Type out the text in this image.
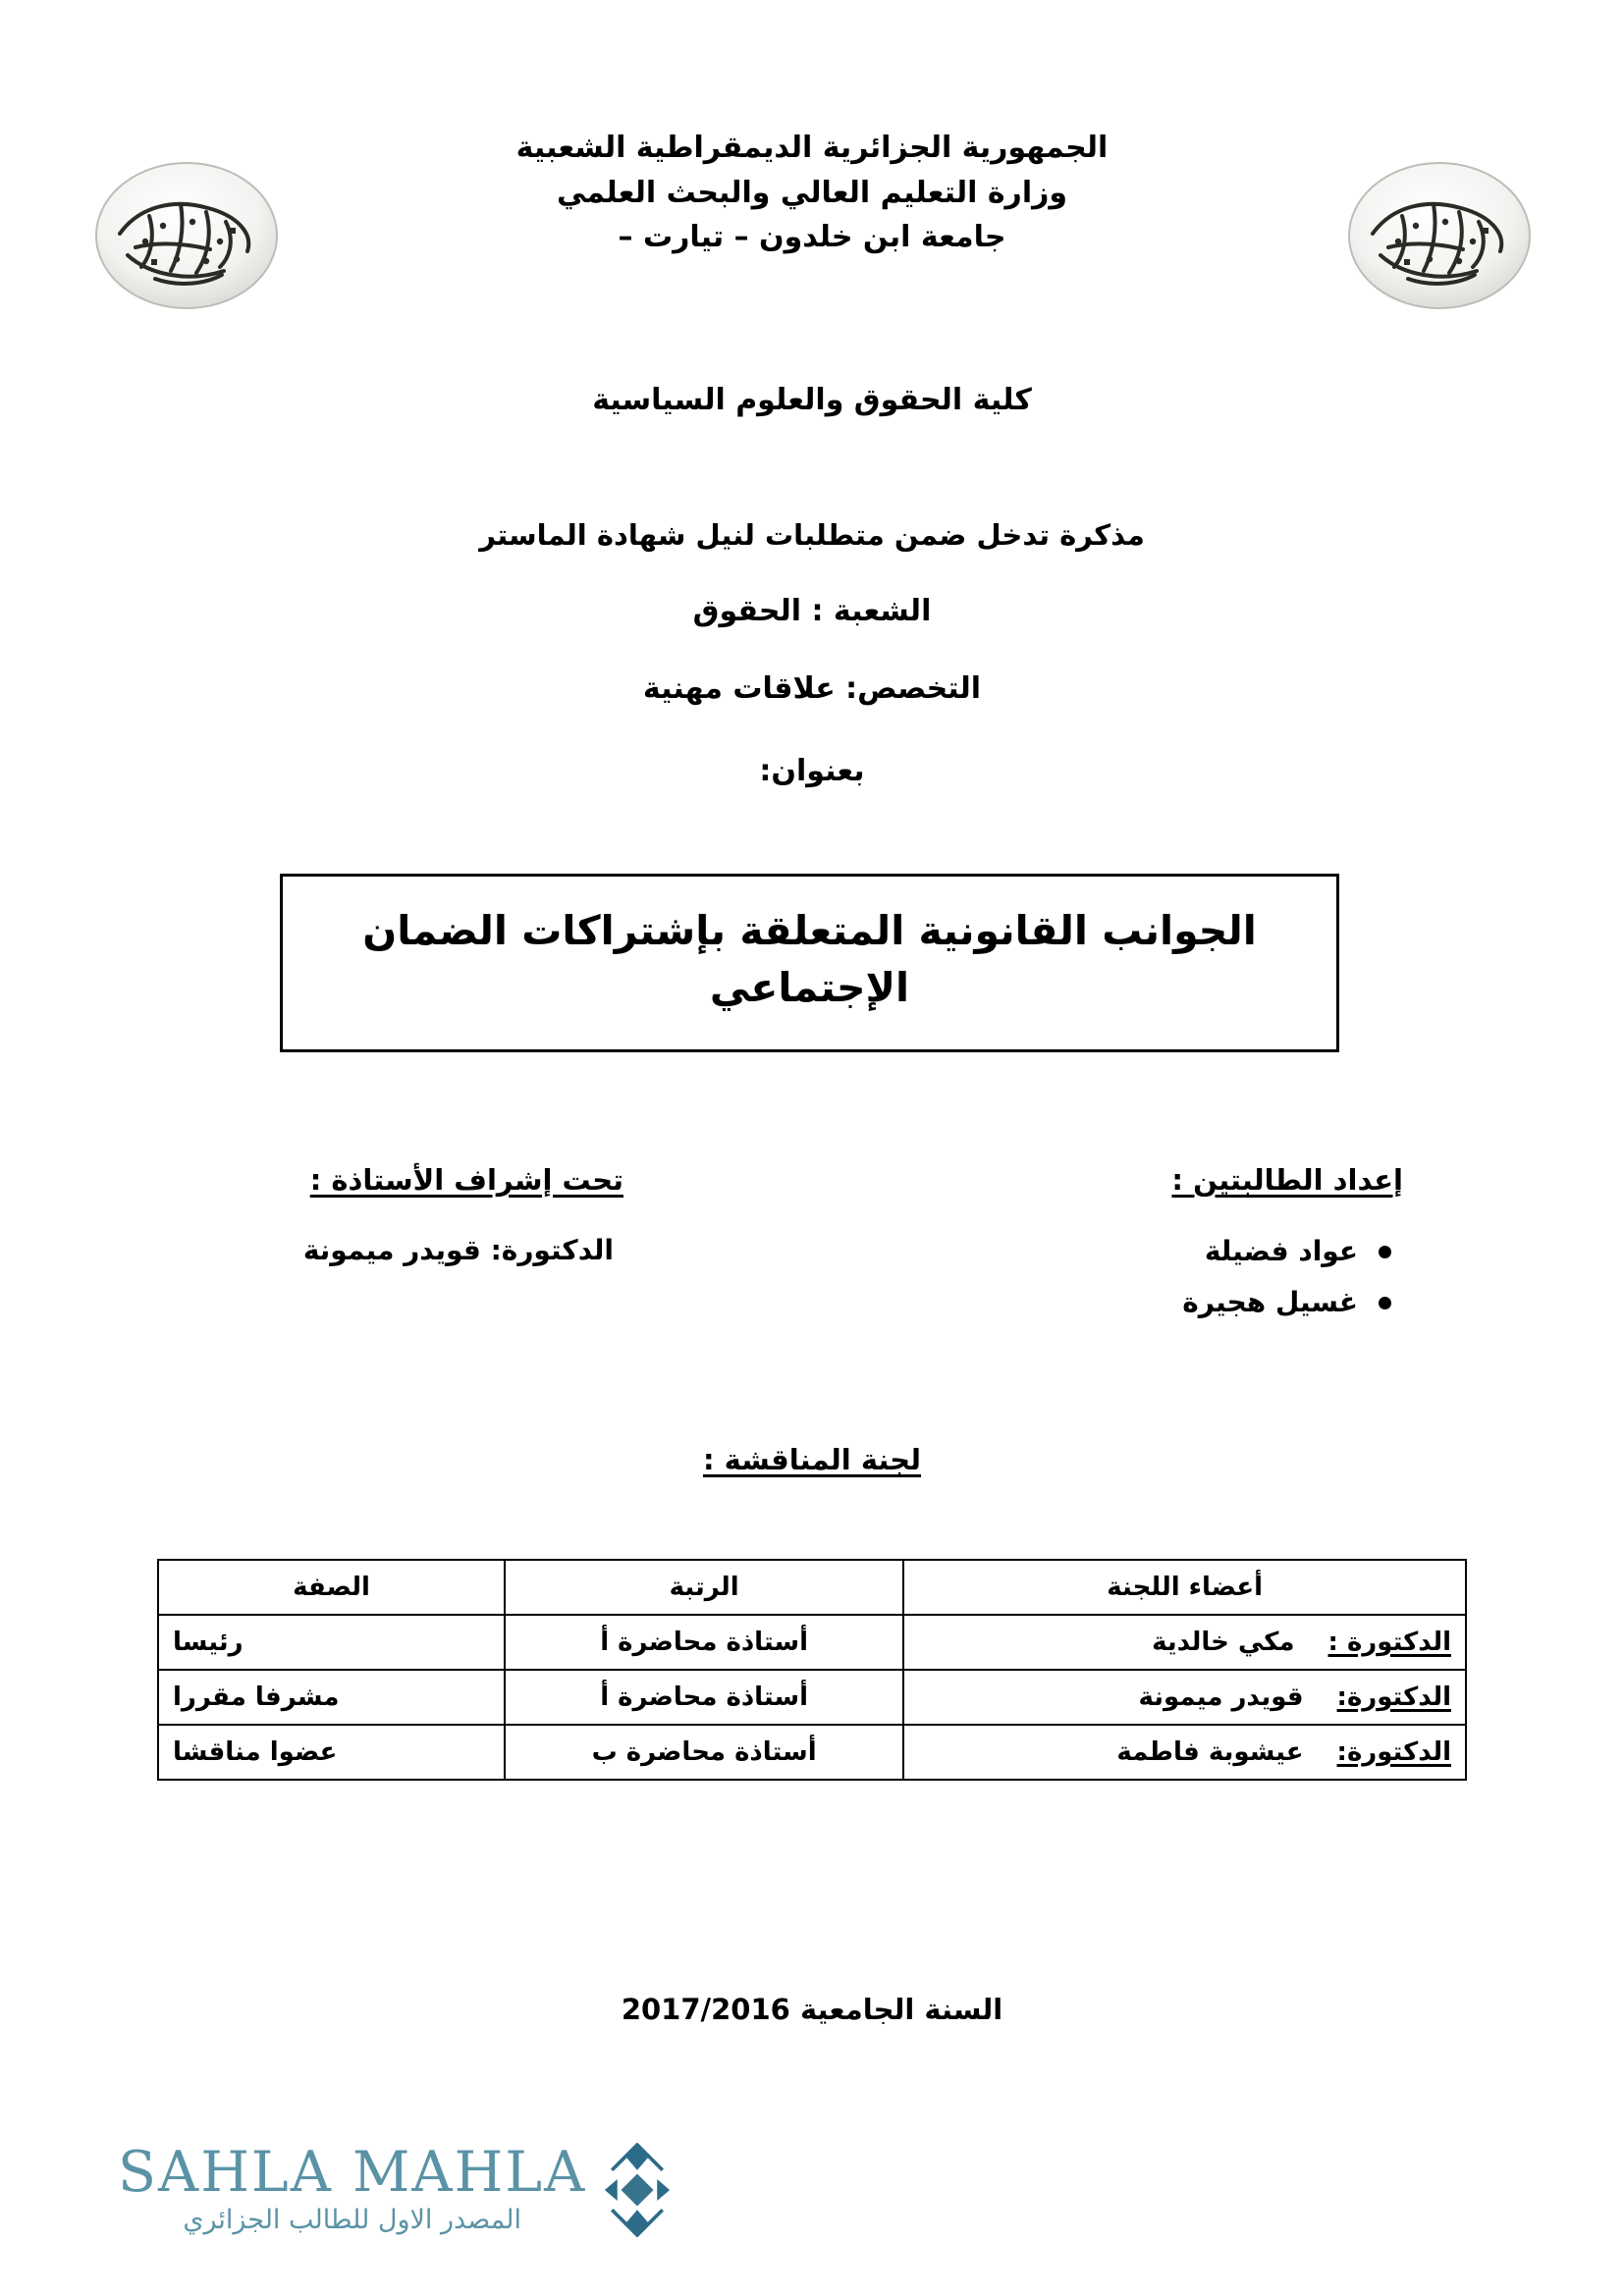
الجمهورية الجزائرية الديمقراطية الشعبية
وزارة التعليم العالي والبحث العلمي
جامعة ابن خلدون – تيارت –
كلية الحقوق والعلوم السياسية
مذكرة تدخل ضمن متطلبات لنيل شهادة الماستر
الشعبة : الحقوق
التخصص: علاقات مهنية
بعنوان:
الجوانب القانونية المتعلقة بإشتراكات الضمان الإجتماعي
إعداد الطالبتين :
عواد فضيلة
غسيل هجيرة
تحت إشراف الأستاذة :
الدكتورة: قويدر ميمونة
لجنة المناقشة :
أعضاء اللجنة	الرتبة	الصفة
الدكتورة :مكي خالدية	أستاذة محاضرة أ	رئيسا
الدكتورة:قويدر ميمونة	أستاذة محاضرة أ	مشرفا مقررا
الدكتورة:عيشوبة فاطمة	أستاذة محاضرة ب	عضوا مناقشا
السنة الجامعية 2017/2016
SAHLA MAHLA
المصدر الاول للطالب الجزائري
